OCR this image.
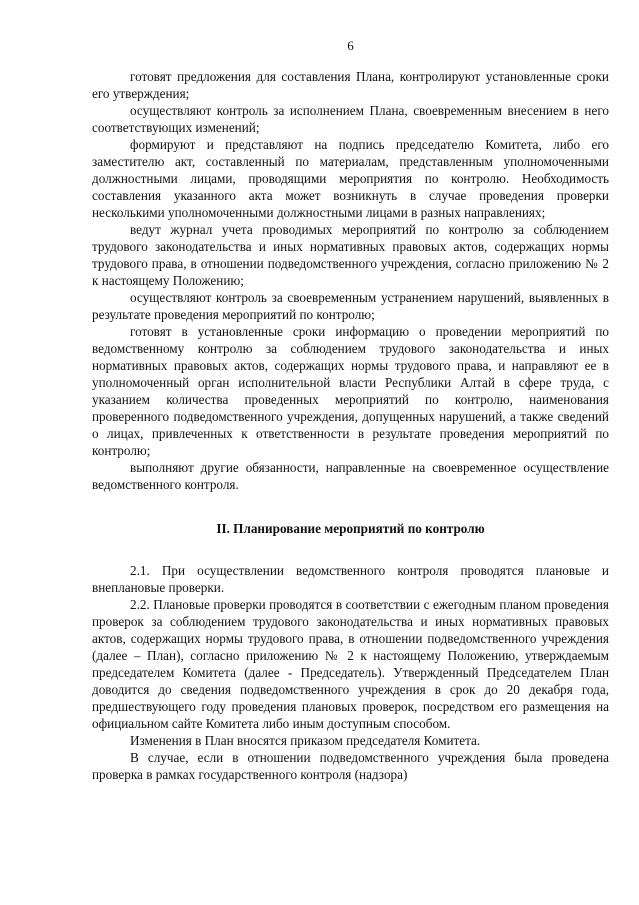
6

готовят предложения для составления Плана, контролируют установленные сроки его утверждения;

осуществляют контроль за исполнением Плана, своевременным внесением в него соответствующих изменений;

формируют и представляют на подпись председателю Комитета, либо его заместителю акт, составленный по материалам, представленным уполномоченными должностными лицами, проводящими мероприятия по контролю. Необходимость составления указанного акта может возникнуть в случае проведения проверки несколькими уполномоченными должностными лицами в разных направлениях;

ведут журнал учета проводимых мероприятий по контролю за соблюдением трудового законодательства и иных нормативных правовых актов, содержащих нормы трудового права, в отношении подведомственного учреждения, согласно приложению № 2 к настоящему Положению;

осуществляют контроль за своевременным устранением нарушений, выявленных в результате проведения мероприятий по контролю;

готовят в установленные сроки информацию о проведении мероприятий по ведомственному контролю за соблюдением трудового законодательства и иных нормативных правовых актов, содержащих нормы трудового права, и направляют ее в уполномоченный орган исполнительной власти Республики Алтай в сфере труда, с указанием количества проведенных мероприятий по контролю, наименования проверенного подведомственного учреждения, допущенных нарушений, а также сведений о лицах, привлеченных к ответственности в результате проведения мероприятий по контролю;

выполняют другие обязанности, направленные на своевременное осуществление ведомственного контроля.

II. Планирование мероприятий по контролю

2.1. При осуществлении ведомственного контроля проводятся плановые и внеплановые проверки.

2.2. Плановые проверки проводятся в соответствии с ежегодным планом проведения проверок за соблюдением трудового законодательства и иных нормативных правовых актов, содержащих нормы трудового права, в отношении подведомственного учреждения (далее – План), согласно приложению № 2 к настоящему Положению, утверждаемым председателем Комитета (далее - Председатель). Утвержденный Председателем План доводится до сведения подведомственного учреждения в срок до 20 декабря года, предшествующего году проведения плановых проверок, посредством его размещения на официальном сайте Комитета либо иным доступным способом.

Изменения в План вносятся приказом председателя Комитета.

В случае, если в отношении подведомственного учреждения была проведена проверка в рамках государственного контроля (надзора)
